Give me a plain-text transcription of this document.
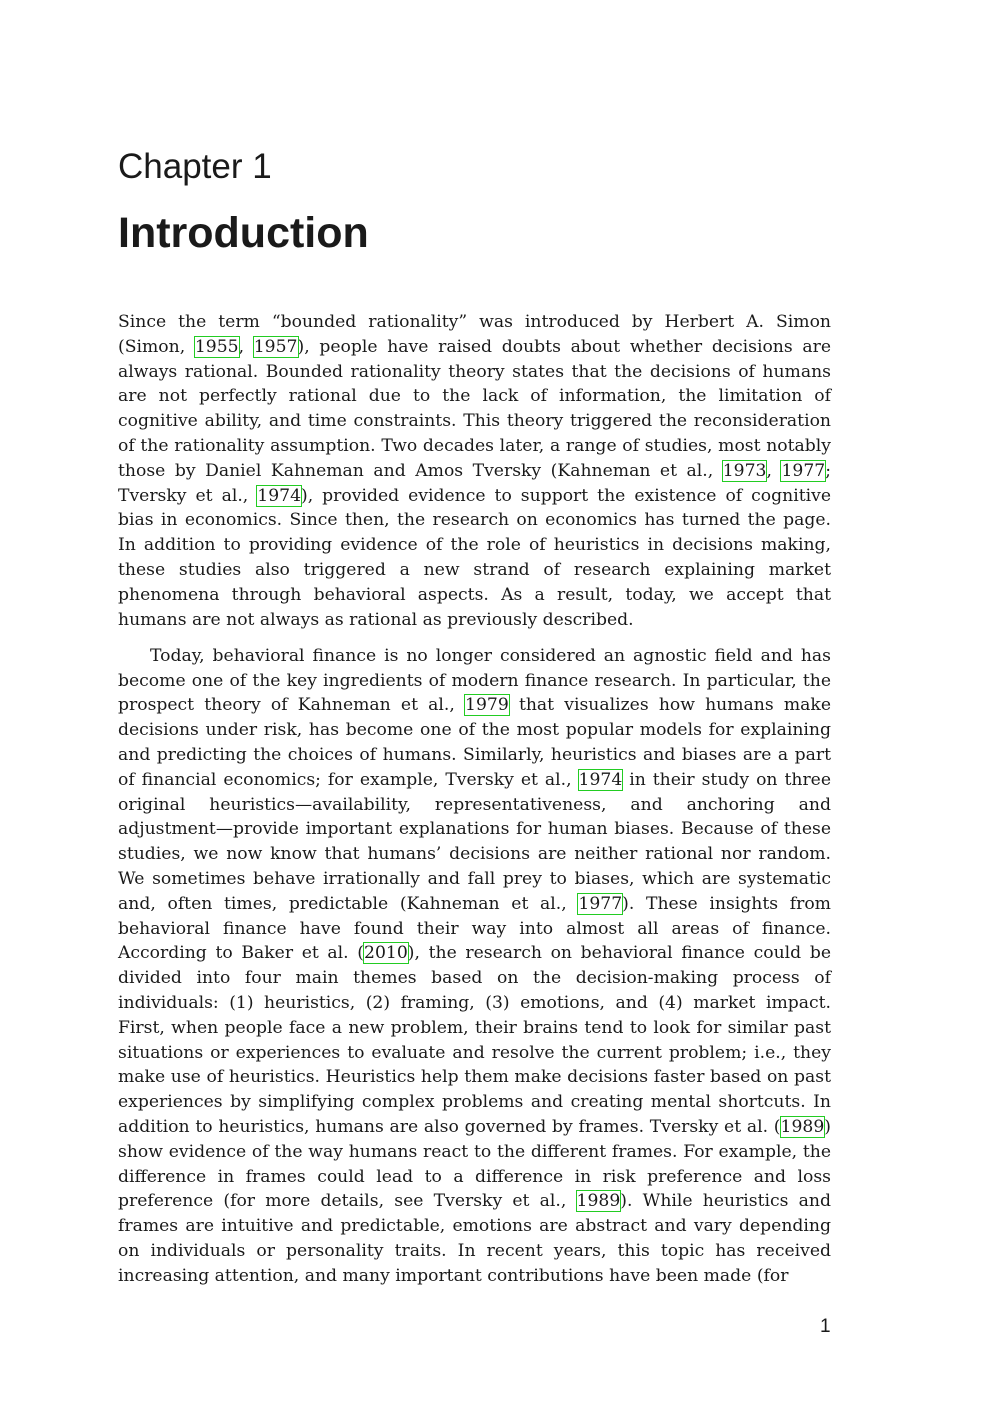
Chapter 1
Introduction

Since the term “bounded rationality” was introduced by Herbert A. Simon (Simon, 1955, 1957), people have raised doubts about whether decisions are always rational. Bounded rationality theory states that the decisions of humans are not perfectly rational due to the lack of information, the limitation of cognitive ability, and time constraints. This theory triggered the reconsideration of the rationality assumption. Two decades later, a range of studies, most notably those by Daniel Kahneman and Amos Tversky (Kahneman et al., 1973, 1977; Tversky et al., 1974), provided evidence to support the existence of cognitive bias in economics. Since then, the research on economics has turned the page. In addition to providing evidence of the role of heuristics in decisions making, these studies also triggered a new strand of research explaining market phenomena through behavioral aspects. As a result, today, we accept that humans are not always as rational as previously described.

Today, behavioral finance is no longer considered an agnostic field and has become one of the key ingredients of modern finance research. In particular, the prospect theory of Kahneman et al., 1979 that visualizes how humans make decisions under risk, has become one of the most popular models for explaining and predicting the choices of humans. Similarly, heuristics and biases are a part of financial economics; for example, Tversky et al., 1974 in their study on three original heuristics—availability, representativeness, and anchoring and adjustment—provide important explanations for human biases. Because of these studies, we now know that humans’ decisions are neither rational nor random. We sometimes behave irrationally and fall prey to biases, which are systematic and, often times, predictable (Kahneman et al., 1977). These insights from behavioral finance have found their way into almost all areas of finance. According to Baker et al. (2010), the research on behavioral finance could be divided into four main themes based on the decision-making process of individuals: (1) heuristics, (2) framing, (3) emotions, and (4) market impact. First, when people face a new problem, their brains tend to look for similar past situations or experiences to evaluate and resolve the current problem; i.e., they make use of heuristics. Heuristics help them make decisions faster based on past experiences by simplifying complex problems and creating mental shortcuts. In addition to heuristics, humans are also governed by frames. Tversky et al. (1989) show evidence of the way humans react to the different frames. For example, the difference in frames could lead to a difference in risk preference and loss preference (for more details, see Tversky et al., 1989). While heuristics and frames are intuitive and predictable, emotions are abstract and vary depending on individuals or personality traits. In recent years, this topic has received increasing attention, and many important contributions have been made (for

1
